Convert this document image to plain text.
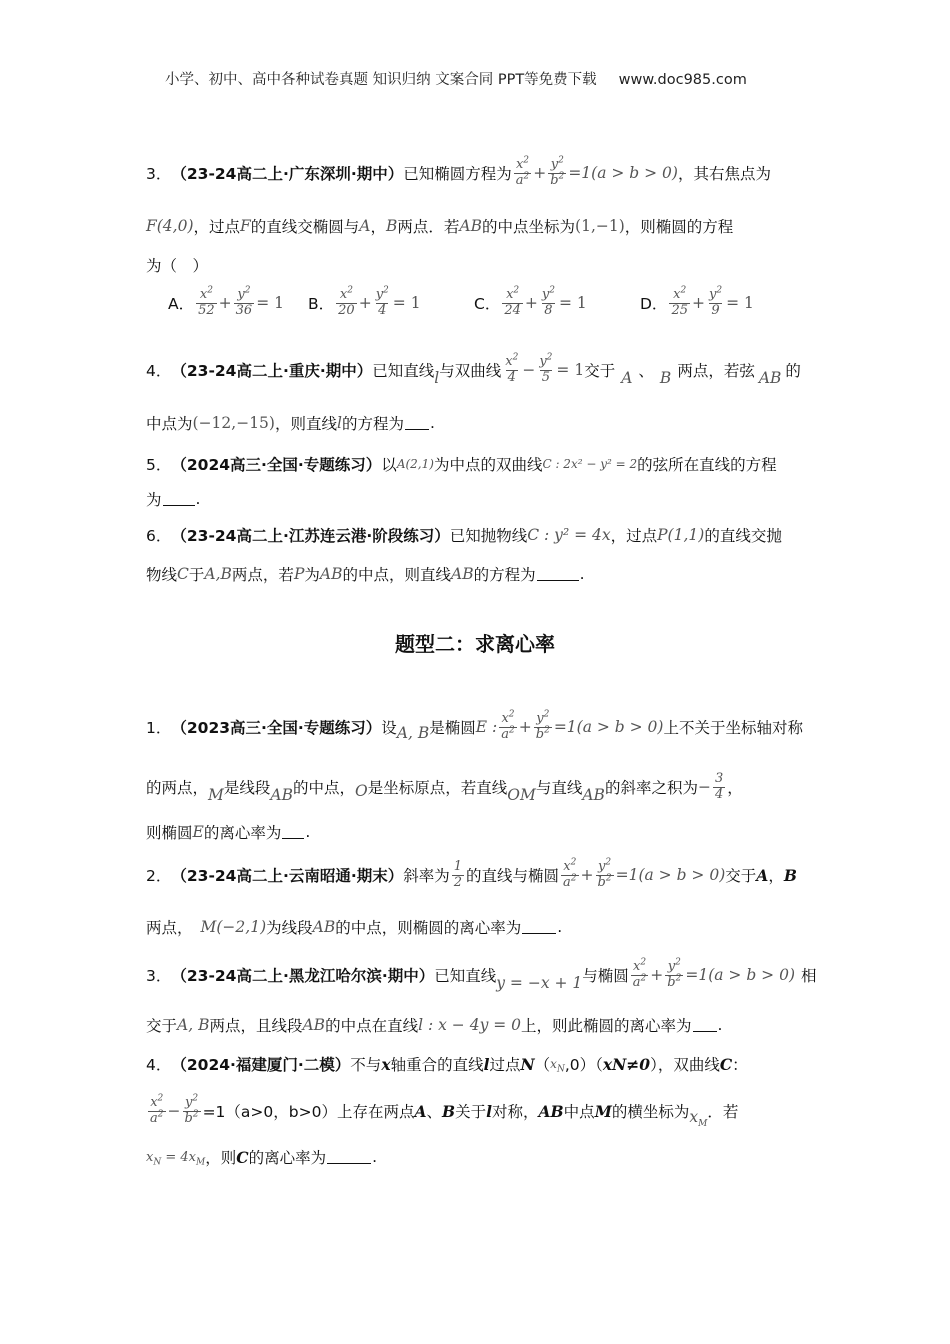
小学、初中、高中各种试卷真题 知识归纳 文案合同 PPT等免费下载 www.doc985.com
3． （23-24高二上·广东深圳·期中） 已知椭圆方程为 $\frac{x^2}{a^2} + \frac{y^2}{b^2} =1(a > b > 0)$ ，其右焦点为
F(4,0) ，过点 F 的直线交椭圆与 A ， B 两点．若 AB 的中点坐标为 (1,−1) ，则椭圆的方程
为（　）
A． $\frac{x^2}{52} + \frac{y^2}{36} = 1$ B． $\frac{x^2}{20} + \frac{y^2}{4} = 1$	C． $\frac{x^2}{24} + \frac{y^2}{8} = 1$	D． $\frac{x^2}{25} + \frac{y^2}{9} = 1$
4． （23-24高二上·重庆·期中） 已知直线 l 与双曲线 $\frac{x^2}{4} - \frac{y^2}{5} = 1$ 交于 A 、 B 两点，若弦 AB 的
中点为 (−12,−15) ，则直线 l 的方程为 .
5． （2024高三·全国·专题练习） 以 A(2,1) 为中点的双曲线 C : 2x² − y² = 2 的弦所在直线的方程
为 .
6． （23-24高二上·江苏连云港·阶段练习） 已知抛物线 C : y² = 4x ，过点 P(1,1) 的直线交抛
物线 C 于 A,B 两点，若 P 为 AB 的中点，则直线 AB 的方程为	.
题型二：求离心率
1． （2023高三·全国·专题练习） 设 A, B 是椭圆 E : $\frac{x^2}{a^2} + \frac{y^2}{b^2} =1(a > b > 0)$ 上不关于坐标轴对称
的两点， M 是线段 AB 的中点， O 是坐标原点，若直线 OM 与直线 AB 的斜率之积为 − $\frac{3}{4}$ ，
则椭圆 E 的离心率为 .
2． （23-24高二上·云南昭通·期末） 斜率为 $\frac{1}{2}$ 的直线与椭圆 $\frac{x^2}{a^2} + \frac{y^2}{b^2} =1(a > b > 0)$ 交于 A ， B
两点， M(−2,1) 为线段 AB 的中点，则椭圆的离心率为 .
3． （23-24高二上·黑龙江哈尔滨·期中） 已知直线 y = −x + 1 与椭圆 $\frac{x^2}{a^2} + \frac{y^2}{b^2} =1(a > b > 0)$ 相
交于 A, B 两点，且线段 AB 的中点在直线 l : x − 4y = 0 上，则此椭圆的离心率为 .
4． （2024·福建厦门·二模） 不与 x 轴重合的直线 l 过点 N （ $x_N$ ,0）（ xN≠0 ），双曲线 C ：
$\frac{x^2}{a^2} - \frac{y^2}{b^2} =1(a>0$，b>0）上存在两点 A 、 B 关于 l 对称， AB 中点 M 的横坐标为 $x_M$
．若
$x_N = 4x_M$ ，则 C 的离心率为	.
